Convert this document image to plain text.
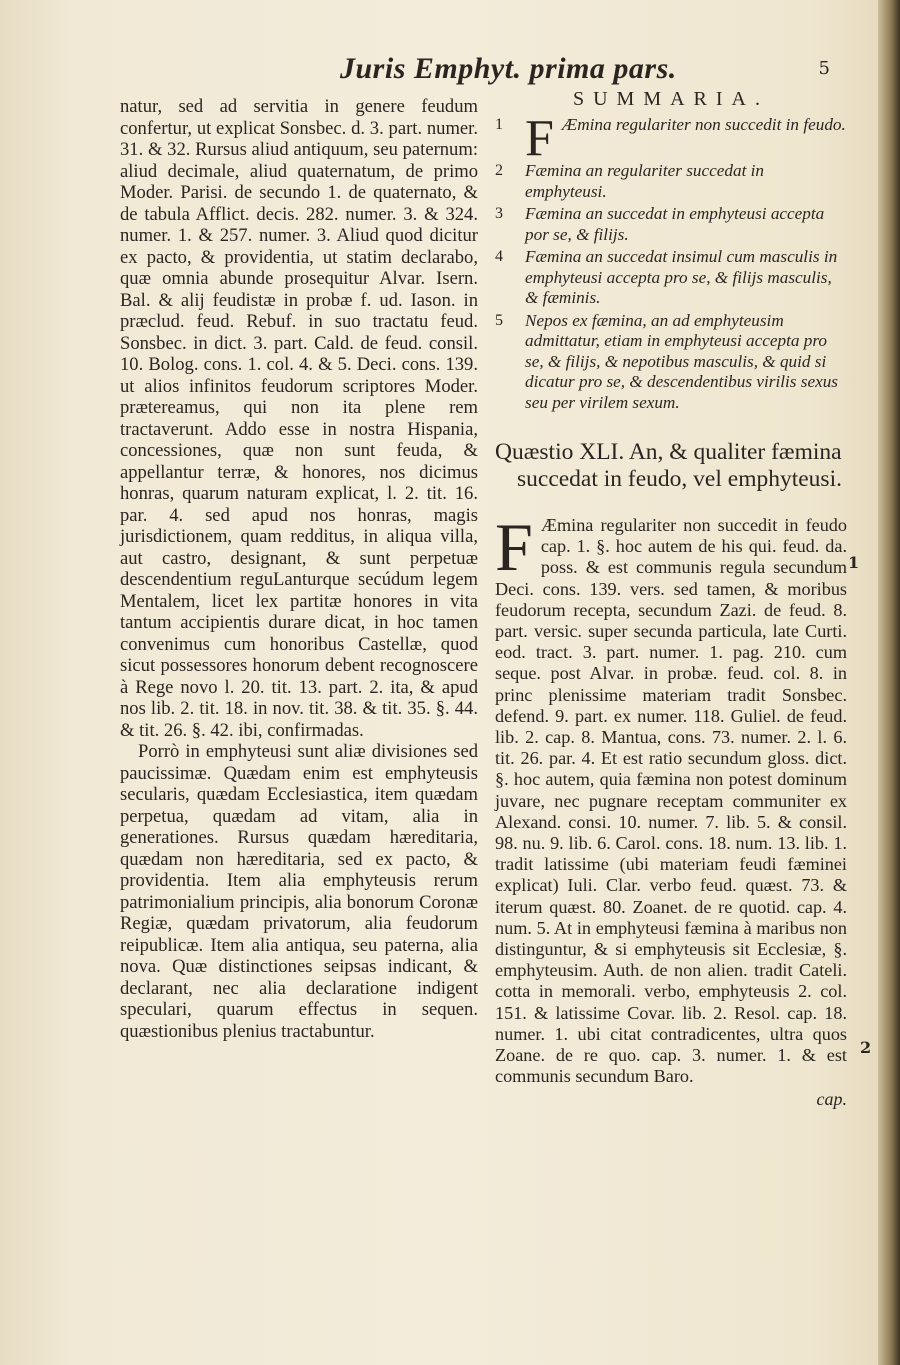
Juris Emphyt. prima pars.	5

natur, sed ad servitia in genere feudum confertur, ut explicat Sonsbec. d. 3. part. numer. 31. & 32. Rursus aliud antiquum, seu paternum: aliud decimale, aliud quaternatum, de primo Moder. Parisi. de secundo 1. de quaternato, & de tabula Afflict. decis. 282. numer. 3. & 324. numer. 1. & 257. numer. 3. Aliud quod dicitur ex pacto, & providentia, ut statim declarabo, quæ omnia abunde prosequitur Alvar. Isern. Bal. & alij feudistæ in probæ f. ud. Iason. in præclud. feud. Rebuf. in suo tractatu feud. Sonsbec. in dict. 3. part. Cald. de feud. consil. 10. Bolog. cons. 1. col. 4. & 5. Deci. cons. 139. ut alios infinitos feudorum scriptores Moder. prætereamus, qui non ita plene rem tractaverunt. Addo esse in nostra Hispania, concessiones, quæ non sunt feuda, & appellantur terræ, & honores, nos dicimus honras, quarum naturam explicat, l. 2. tit. 16. par. 4. sed apud nos honras, magis jurisdictionem, quam redditus, in aliqua villa, aut castro, designant, & sunt perpetuæ descendentium reguLanturque secúdum legem Mentalem, licet lex partitæ honores in vita tantum accipientis durare dicat, in hoc tamen convenimus cum honoribus Castellæ, quod sicut possessores honorum debent recognoscere à Rege novo l. 20. tit. 13. part. 2. ita, & apud nos lib. 2. tit. 18. in nov. tit. 38. & tit. 35. §. 44. & tit. 26. §. 42. ibi, confirmadas.

Porrò in emphyteusi sunt aliæ divisiones sed paucissimæ. Quædam enim est emphyteusis secularis, quædam Ecclesiastica, item quædam perpetua, quædam ad vitam, alia in generationes. Rursus quædam hæreditaria, quædam non hæreditaria, sed ex pacto, & providentia. Item alia emphyteusis rerum patrimonialium principis, alia bonorum Coronæ Regiæ, quædam privatorum, alia feudorum reipublicæ. Item alia antiqua, seu paterna, alia nova. Quæ distinctiones seipsas indicant, & declarant, nec alia declaratione indigent speculari, quarum effectus in sequen. quæstionibus plenius tractabuntur.

SUMMARIA.
1 F Æmina regulariter non succedit in feudo.
2 Fæmina an regulariter succedat in emphyteusi.
3 Fæmina an succedat in emphyteusi accepta por se, & filijs.
4 Fæmina an succedat insimul cum masculis in emphyteusi accepta pro se, & filijs masculis, & fæminis.
5 Nepos ex fæmina, an ad emphyteusim admittatur, etiam in emphyteusi accepta pro se, & filijs, & nepotibus masculis, & quid si dicatur pro se, & descendentibus virilis sexus seu per virilem sexum.
Quæstio XLI. An, & qualiter fæmina
succedat in feudo, vel emphyteusi.
F Æmina regulariter non succedit in feudo cap. 1. §. hoc autem de his qui. feud. da. poss. & est communis regula secundum Deci. cons. 139. vers. sed tamen, & moribus feudorum recepta, secundum Zazi. de feud. 8. part. versic. super secunda particula, late Curti. eod. tract. 3. part. numer. 1. pag. 210. cum seque. post Alvar. in probæ. feud. col. 8. in princ plenissime materiam tradit Sonsbec. defend. 9. part. ex numer. 118. Guliel. de feud. lib. 2. cap. 8. Mantua, cons. 73. numer. 2. l. 6. tit. 26. par. 4. Et est ratio secundum gloss. dict. §. hoc autem, quia fæmina non potest dominum juvare, nec pugnare receptam communiter ex Alexand. consi. 10. numer. 7. lib. 5. & consil. 98. nu. 9. lib. 6. Carol. cons. 18. num. 13. lib. 1. tradit latissime (ubi materiam feudi fæminei explicat) Iuli. Clar. verbo feud. quæst. 73. & iterum quæst. 80. Zoanet. de re quotid. cap. 4. num. 5. At in emphyteusi fæmina à maribus non distinguntur, & si emphyteusis sit Ecclesiæ, §. emphyteusim. Auth. de non alien. tradit Cateli. cotta in memorali. verbo, emphyteusis 2. col. 151. & latissime Covar. lib. 2. Resol. cap. 18. numer. 1. ubi citat contradicentes, ultra quos Zoane. de re quo. cap. 3. numer. 1. & est communis secundum Baro.
cap.
1
2
